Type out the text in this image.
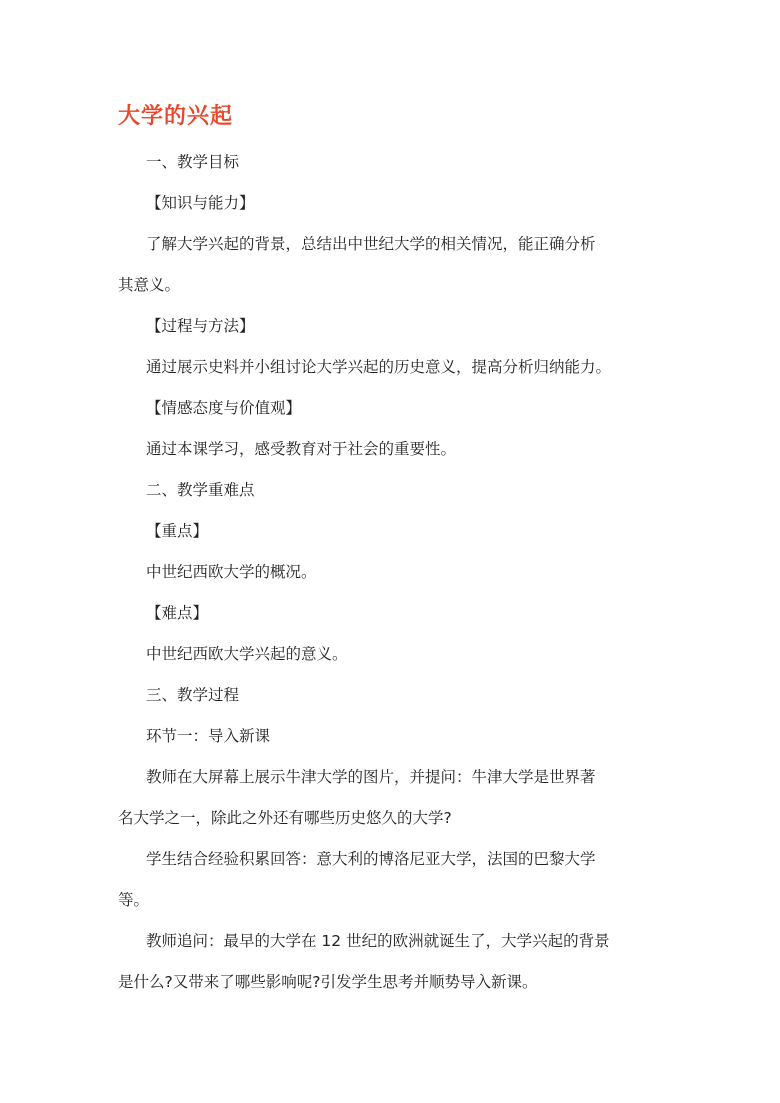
大学的兴起

一、教学目标

【知识与能力】

了解大学兴起的背景，总结出中世纪大学的相关情况，能正确分析

其意义。

【过程与方法】

通过展示史料并小组讨论大学兴起的历史意义，提高分析归纳能力。

【情感态度与价值观】

通过本课学习，感受教育对于社会的重要性。

二、教学重难点

【重点】

中世纪西欧大学的概况。

【难点】

中世纪西欧大学兴起的意义。

三、教学过程

环节一：导入新课

教师在大屏幕上展示牛津大学的图片，并提问：牛津大学是世界著

名大学之一，除此之外还有哪些历史悠久的大学?

学生结合经验积累回答：意大利的博洛尼亚大学，法国的巴黎大学

等。

教师追问：最早的大学在 12 世纪的欧洲就诞生了，大学兴起的背景

是什么?又带来了哪些影响呢?引发学生思考并顺势导入新课。
